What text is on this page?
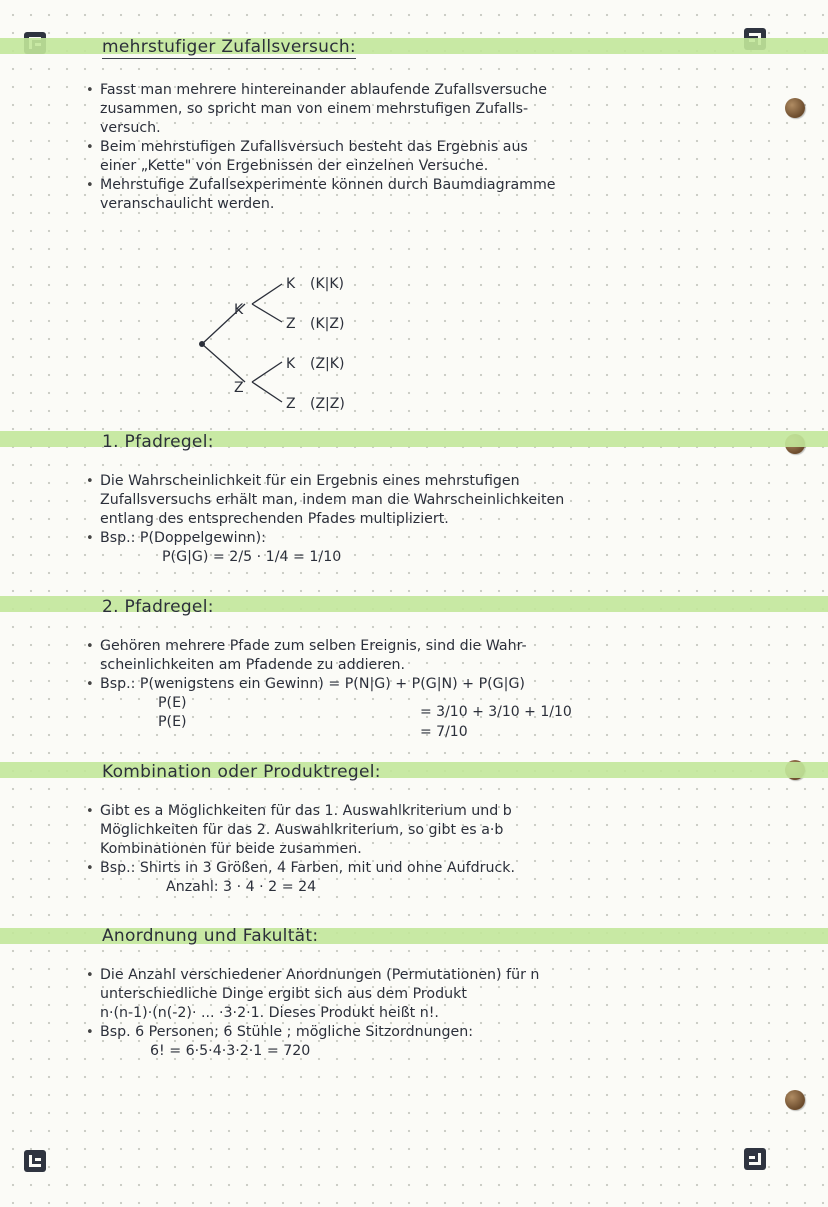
mehrstufiger Zufallsversuch:
• Fasst man mehrere hintereinander ablaufende Zufallsversuche
zusammen, so spricht man von einem mehrstufigen Zufalls-
versuch.
• Beim mehrstufigen Zufallsversuch besteht das Ergebnis aus
einer „Kette" von Ergebnissen der einzelnen Versuche.
• Mehrstufige Zufallsexperimente können durch Baumdiagramme
veranschaulicht werden.
K
Z
K
Z
K
Z
(K|K)
(K|Z)
(Z|K)
(Z|Z)
1. Pfadregel:
• Die Wahrscheinlichkeit für ein Ergebnis eines mehrstufigen
Zufallsversuchs erhält man, indem man die Wahrscheinlichkeiten
entlang des entsprechenden Pfades multipliziert.
• Bsp.: P(Doppelgewinn):
P(G|G) = 2/5 · 1/4 = 1/10
2. Pfadregel:
• Gehören mehrere Pfade zum selben Ereignis, sind die Wahr-
scheinlichkeiten am Pfadende zu addieren.
• Bsp.: P(wenigstens ein Gewinn) = P(N|G) + P(G|N) + P(G|G)
P(E)
P(E)
= 3/10 + 3/10 + 1/10
= 7/10
Kombination oder Produktregel:
• Gibt es a Möglichkeiten für das 1. Auswahlkriterium und b
Möglichkeiten für das 2. Auswahlkriterium, so gibt es a·b
Kombinationen für beide zusammen.
• Bsp.: Shirts in 3 Größen, 4 Farben, mit und ohne Aufdruck.
Anzahl: 3 · 4 · 2 = 24
Anordnung und Fakultät:
• Die Anzahl verschiedener Anordnungen (Permutationen) für n
unterschiedliche Dinge ergibt sich aus dem Produkt
n·(n-1)·(n(-2)· ... ·3·2·1. Dieses Produkt heißt n!.
• Bsp. 6 Personen; 6 Stühle ; mögliche Sitzordnungen:
6! = 6·5·4·3·2·1 = 720
